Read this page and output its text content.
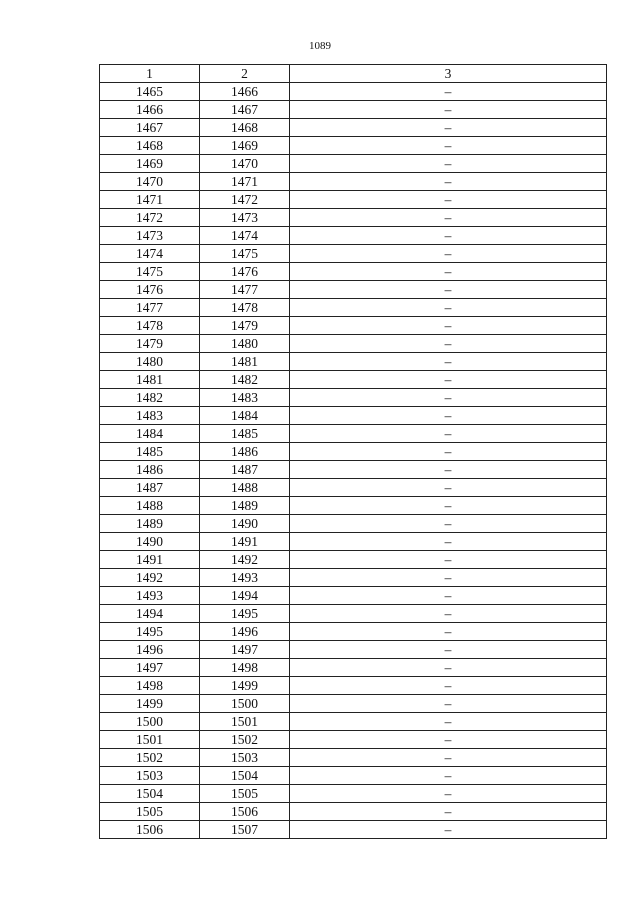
1089
1	2	3
1465	1466	–
1466	1467	–
1467	1468	–
1468	1469	–
1469	1470	–
1470	1471	–
1471	1472	–
1472	1473	–
1473	1474	–
1474	1475	–
1475	1476	–
1476	1477	–
1477	1478	–
1478	1479	–
1479	1480	–
1480	1481	–
1481	1482	–
1482	1483	–
1483	1484	–
1484	1485	–
1485	1486	–
1486	1487	–
1487	1488	–
1488	1489	–
1489	1490	–
1490	1491	–
1491	1492	–
1492	1493	–
1493	1494	–
1494	1495	–
1495	1496	–
1496	1497	–
1497	1498	–
1498	1499	–
1499	1500	–
1500	1501	–
1501	1502	–
1502	1503	–
1503	1504	–
1504	1505	–
1505	1506	–
1506	1507	–
